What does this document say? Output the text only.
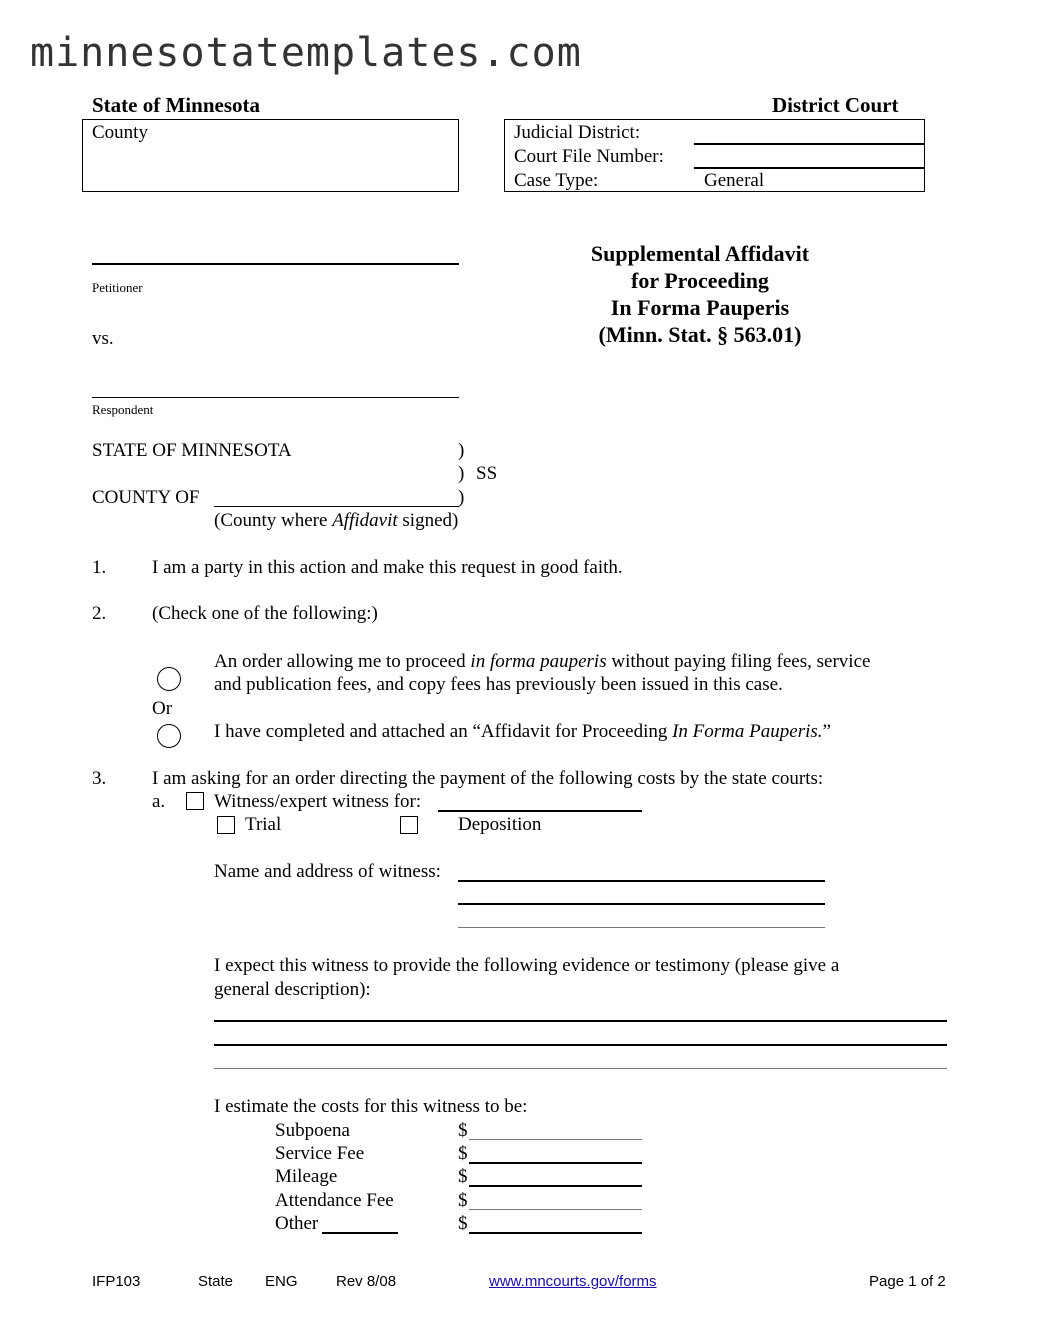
minnesotatemplates.com
State of Minnesota	District Court
County	Judicial District:
Court File Number:
Case Type:	General
Petitioner
vs.
Respondent
Supplemental Affidavit
for Proceeding
In Forma Pauperis
(Minn. Stat. § 563.01)
STATE OF MINNESOTA	)
) SS
COUNTY OF	)
(County where Affidavit signed)
1. I am a party in this action and make this request in good faith.
2. (Check one of the following:)
An order allowing me to proceed in forma pauperis without paying filing fees, service
and publication fees, and copy fees has previously been issued in this case.
Or
I have completed and attached an “Affidavit for Proceeding In Forma Pauperis.”
3. I am asking for an order directing the payment of the following costs by the state courts:
a.	Witness/expert witness for:
Trial	Deposition
Name and address of witness:
I expect this witness to provide the following evidence or testimony (please give a
general description):
I estimate the costs for this witness to be:
Subpoena	$
Service Fee	$
Mileage	$
Attendance Fee	$
Other	$
IFP103	State ENG	Rev 8/08	www.mncourts.gov/forms	Page 1 of 2
